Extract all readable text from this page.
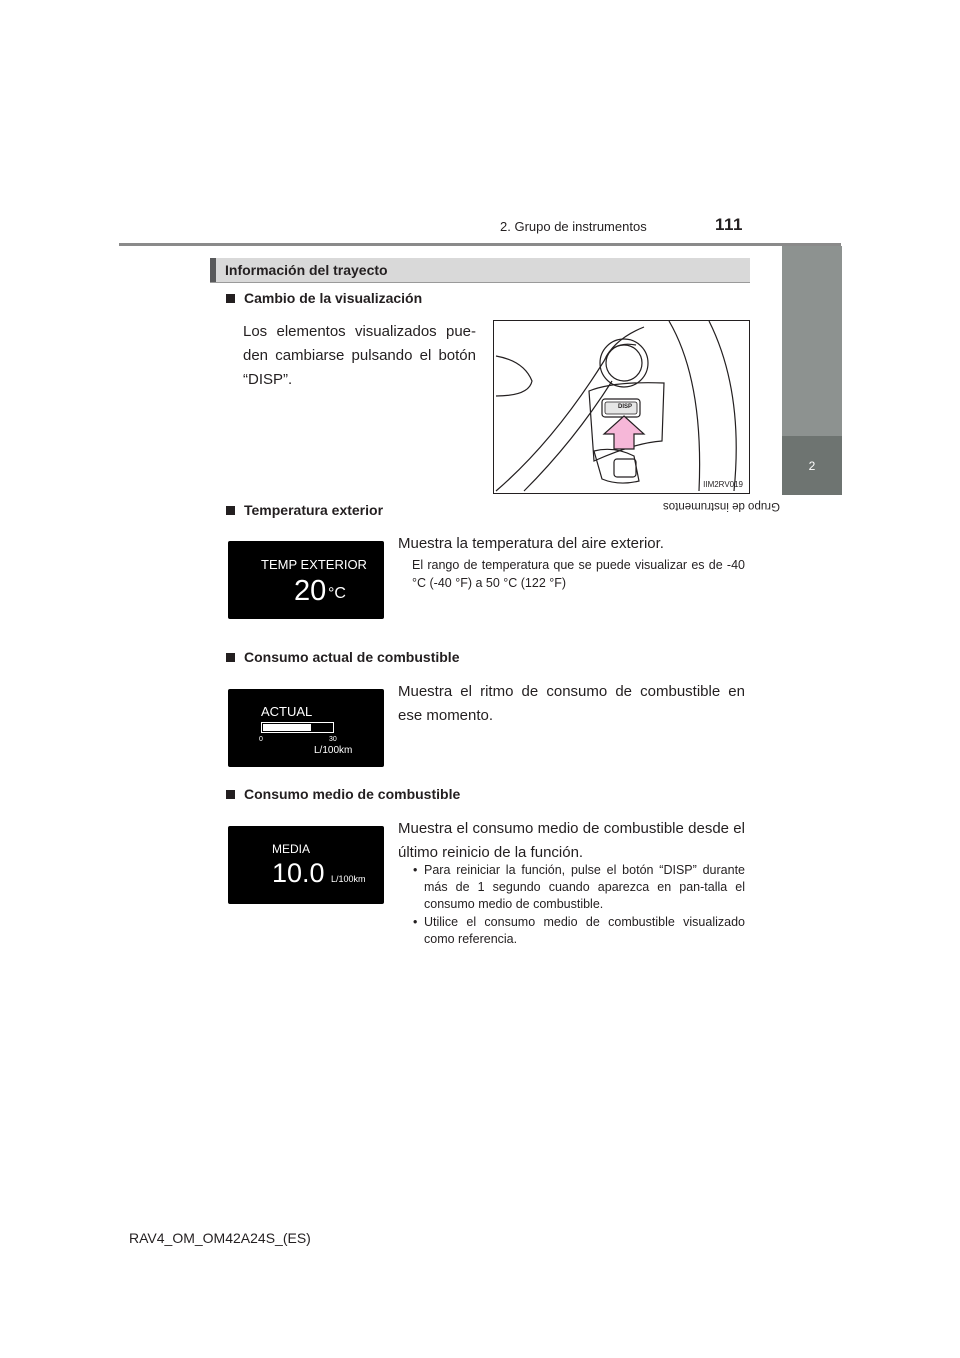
2. Grupo de instrumentos	111
2
Grupo de instrumentos
Información del trayecto
Cambio de la visualización
Los elementos visualizados pue-den cambiarse pulsando el botón “DISP”.
DISP
IIM2RV019
Temperatura exterior
TEMP EXTERIOR
20 °C
Muestra la temperatura del aire exterior.
El rango de temperatura que se puede visualizar es de -40 °C (-40 °F) a 50 °C (122 °F)
Consumo actual de combustible
ACTUAL
0	30
L/100km
Muestra el ritmo de consumo de combustible en ese momento.
Consumo medio de combustible
MEDIA
10.0 L/100km
Muestra el consumo medio de combustible desde el último reinicio de la función.
• Para reiniciar la función, pulse el botón “DISP” durante más de 1 segundo cuando aparezca en pan-talla el consumo medio de combustible.
• Utilice el consumo medio de combustible visualizado como referencia.
RAV4_OM_OM42A24S_(ES)
